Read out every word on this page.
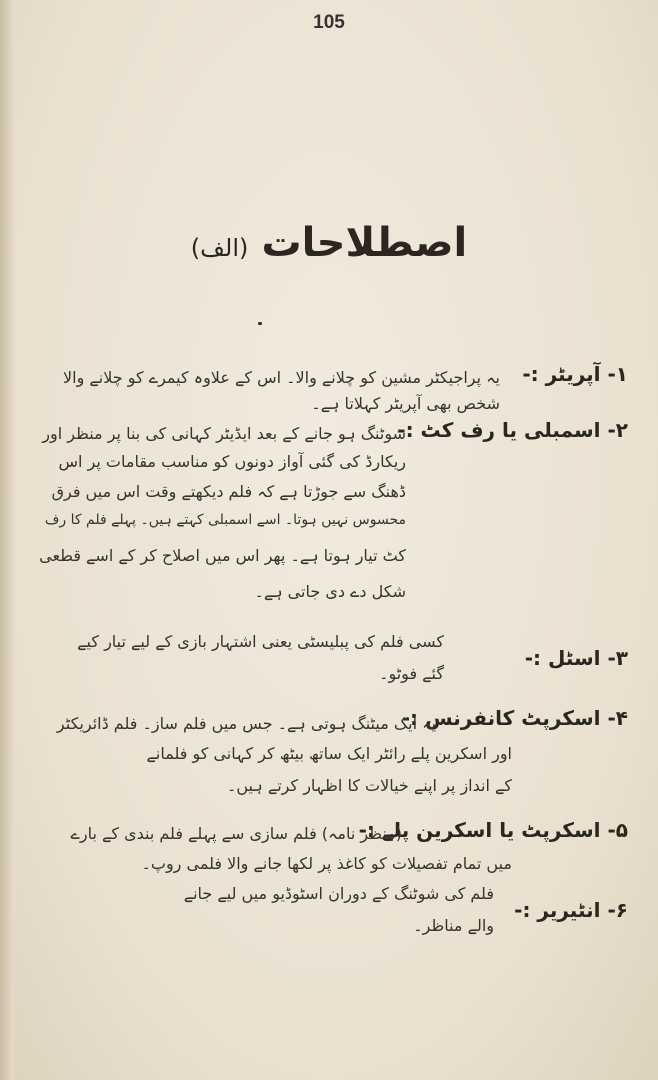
105
اصطلاحات (الف)
۱- آپریٹر :-
یہ پراجیکٹر مشین کو چلانے والا۔ اس کے علاوہ کیمرے کو چلانے والا
شخص بھی آپریٹر کہلاتا ہے۔
۲- اسمبلی یا رف کٹ :-
شوٹنگ ہو جانے کے بعد ایڈیٹر کہانی کی بنا پر منظر اور
ریکارڈ کی گئی آواز دونوں کو مناسب مقامات پر اس
ڈھنگ سے جوڑتا ہے کہ فلم دیکھتے وقت اس میں فرق
محسوس نہیں ہوتا۔ اسے اسمبلی کہتے ہیں۔ پہلے فلم کا رف
کٹ تیار ہوتا ہے۔ پھر اس میں اصلاح کر کے اسے قطعی
شکل دے دی جاتی ہے۔
۳- اسٹل :-
کسی فلم کی پبلیسٹی یعنی اشتہار بازی کے لیے تیار کیے
گئے فوٹو۔
۴- اسکرپٹ کانفرنس :-
یہ ایک میٹنگ ہوتی ہے۔ جس میں فلم ساز۔ فلم ڈائریکٹر
اور اسکرین پلے رائٹر ایک ساتھ بیٹھ کر کہانی کو فلمانے
کے انداز پر اپنے خیالات کا اظہار کرتے ہیں۔
۵- اسکرپٹ یا اسکرین پلے :-
(منظر نامہ) فلم سازی سے پہلے فلم بندی کے بارے
میں تمام تفصیلات کو کاغذ پر لکھا جانے والا فلمی روپ۔
۶- انٹیریر :-
فلم کی شوٹنگ کے دوران اسٹوڈیو میں لیے جانے
والے مناظر۔
